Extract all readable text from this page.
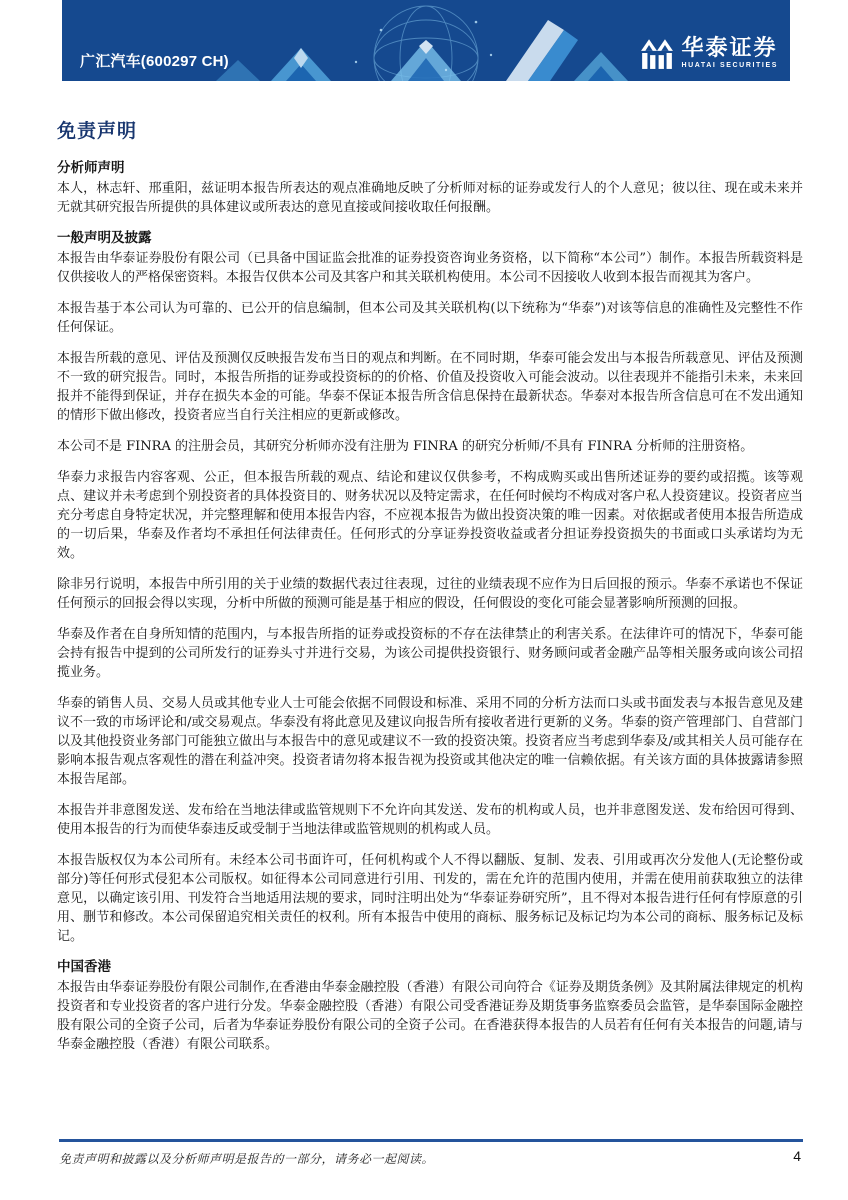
广汇汽车(600297 CH)
华泰证券
HUATAI SECURITIES
免责声明
分析师声明

本人，林志轩、邢重阳，兹证明本报告所表达的观点准确地反映了分析师对标的证券或发行人的个人意见；彼以往、现在或未来并无就其研究报告所提供的具体建议或所表达的意见直接或间接收取任何报酬。

一般声明及披露

本报告由华泰证券股份有限公司（已具备中国证监会批准的证券投资咨询业务资格，以下简称“本公司”）制作。本报告所载资料是仅供接收人的严格保密资料。本报告仅供本公司及其客户和其关联机构使用。本公司不因接收人收到本报告而视其为客户。

本报告基于本公司认为可靠的、已公开的信息编制，但本公司及其关联机构(以下统称为“华泰”)对该等信息的准确性及完整性不作任何保证。

本报告所载的意见、评估及预测仅反映报告发布当日的观点和判断。在不同时期，华泰可能会发出与本报告所载意见、评估及预测不一致的研究报告。同时，本报告所指的证券或投资标的的价格、价值及投资收入可能会波动。以往表现并不能指引未来，未来回报并不能得到保证，并存在损失本金的可能。华泰不保证本报告所含信息保持在最新状态。华泰对本报告所含信息可在不发出通知的情形下做出修改，投资者应当自行关注相应的更新或修改。

本公司不是 FINRA 的注册会员，其研究分析师亦没有注册为 FINRA 的研究分析师/不具有 FINRA 分析师的注册资格。

华泰力求报告内容客观、公正，但本报告所载的观点、结论和建议仅供参考，不构成购买或出售所述证券的要约或招揽。该等观点、建议并未考虑到个别投资者的具体投资目的、财务状况以及特定需求，在任何时候均不构成对客户私人投资建议。投资者应当充分考虑自身特定状况，并完整理解和使用本报告内容，不应视本报告为做出投资决策的唯一因素。对依据或者使用本报告所造成的一切后果，华泰及作者均不承担任何法律责任。任何形式的分享证券投资收益或者分担证券投资损失的书面或口头承诺均为无效。

除非另行说明，本报告中所引用的关于业绩的数据代表过往表现，过往的业绩表现不应作为日后回报的预示。华泰不承诺也不保证任何预示的回报会得以实现，分析中所做的预测可能是基于相应的假设，任何假设的变化可能会显著影响所预测的回报。

华泰及作者在自身所知情的范围内，与本报告所指的证券或投资标的不存在法律禁止的利害关系。在法律许可的情况下，华泰可能会持有报告中提到的公司所发行的证券头寸并进行交易，为该公司提供投资银行、财务顾问或者金融产品等相关服务或向该公司招揽业务。

华泰的销售人员、交易人员或其他专业人士可能会依据不同假设和标准、采用不同的分析方法而口头或书面发表与本报告意见及建议不一致的市场评论和/或交易观点。华泰没有将此意见及建议向报告所有接收者进行更新的义务。华泰的资产管理部门、自营部门以及其他投资业务部门可能独立做出与本报告中的意见或建议不一致的投资决策。投资者应当考虑到华泰及/或其相关人员可能存在影响本报告观点客观性的潜在利益冲突。投资者请勿将本报告视为投资或其他决定的唯一信赖依据。有关该方面的具体披露请参照本报告尾部。

本报告并非意图发送、发布给在当地法律或监管规则下不允许向其发送、发布的机构或人员，也并非意图发送、发布给因可得到、使用本报告的行为而使华泰违反或受制于当地法律或监管规则的机构或人员。

本报告版权仅为本公司所有。未经本公司书面许可，任何机构或个人不得以翻版、复制、发表、引用或再次分发他人(无论整份或部分)等任何形式侵犯本公司版权。如征得本公司同意进行引用、刊发的，需在允许的范围内使用，并需在使用前获取独立的法律意见，以确定该引用、刊发符合当地适用法规的要求，同时注明出处为“华泰证券研究所”，且不得对本报告进行任何有悖原意的引用、删节和修改。本公司保留追究相关责任的权利。所有本报告中使用的商标、服务标记及标记均为本公司的商标、服务标记及标记。

中国香港

本报告由华泰证券股份有限公司制作,在香港由华泰金融控股（香港）有限公司向符合《证券及期货条例》及其附属法律规定的机构投资者和专业投资者的客户进行分发。华泰金融控股（香港）有限公司受香港证券及期货事务监察委员会监管，是华泰国际金融控股有限公司的全资子公司，后者为华泰证券股份有限公司的全资子公司。在香港获得本报告的人员若有任何有关本报告的问题,请与华泰金融控股（香港）有限公司联系。

免责声明和披露以及分析师声明是报告的一部分，请务必一起阅读。	4
